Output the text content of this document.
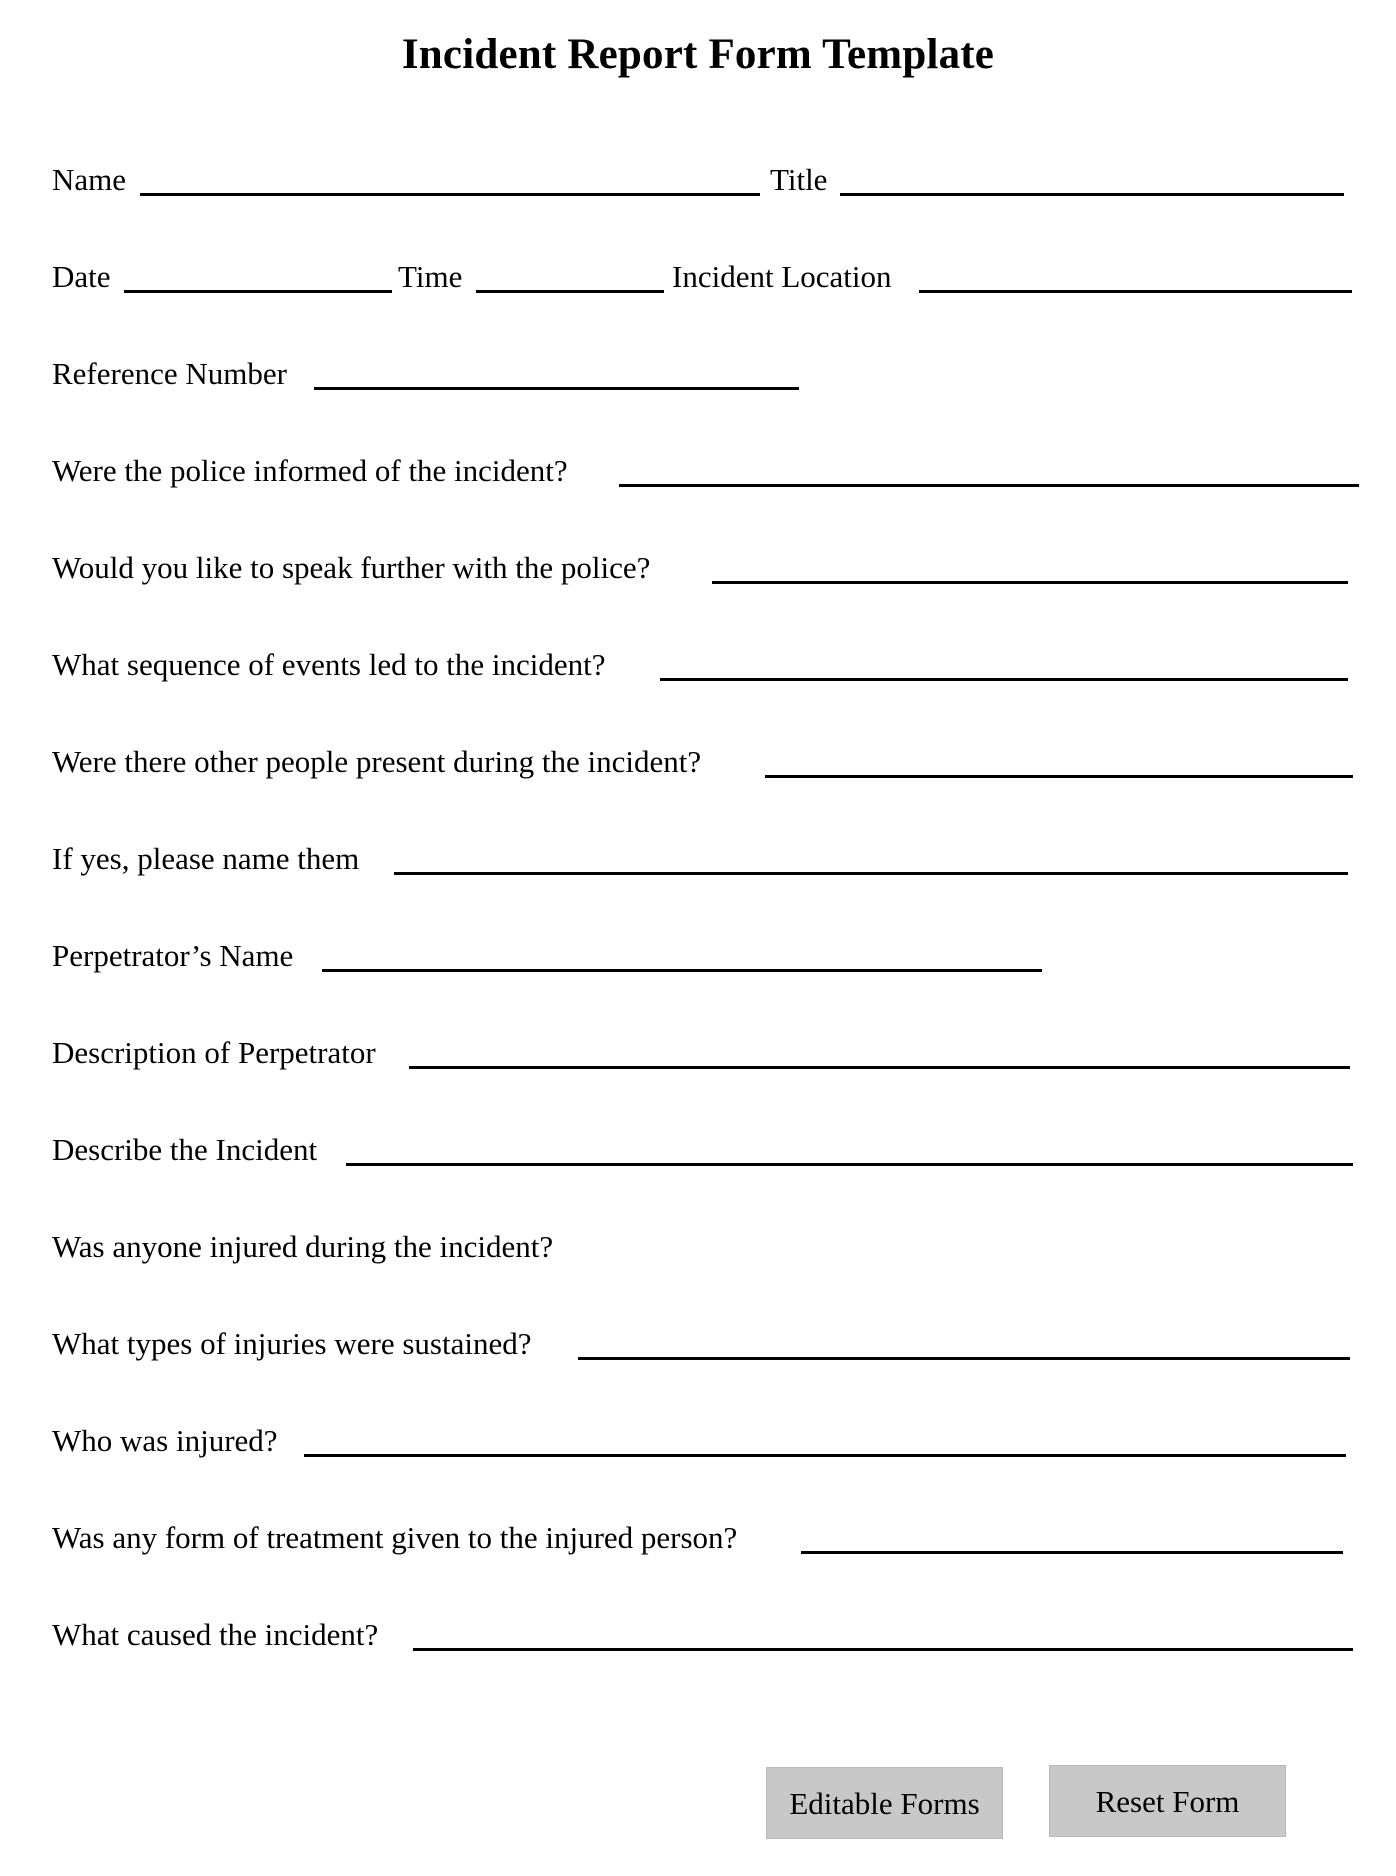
Incident Report Form Template
Name	Title
Date	Time	Incident Location
Reference Number
Were the police informed of the incident?
Would you like to speak further with the police?
What sequence of events led to the incident?
Were there other people present during the incident?
If yes, please name them
Perpetrator’s Name
Description of Perpetrator
Describe the Incident
Was anyone injured during the incident?
What types of injuries were sustained?
Who was injured?
Was any form of treatment given to the injured person?
What caused the incident?
Editable Forms	Reset Form
